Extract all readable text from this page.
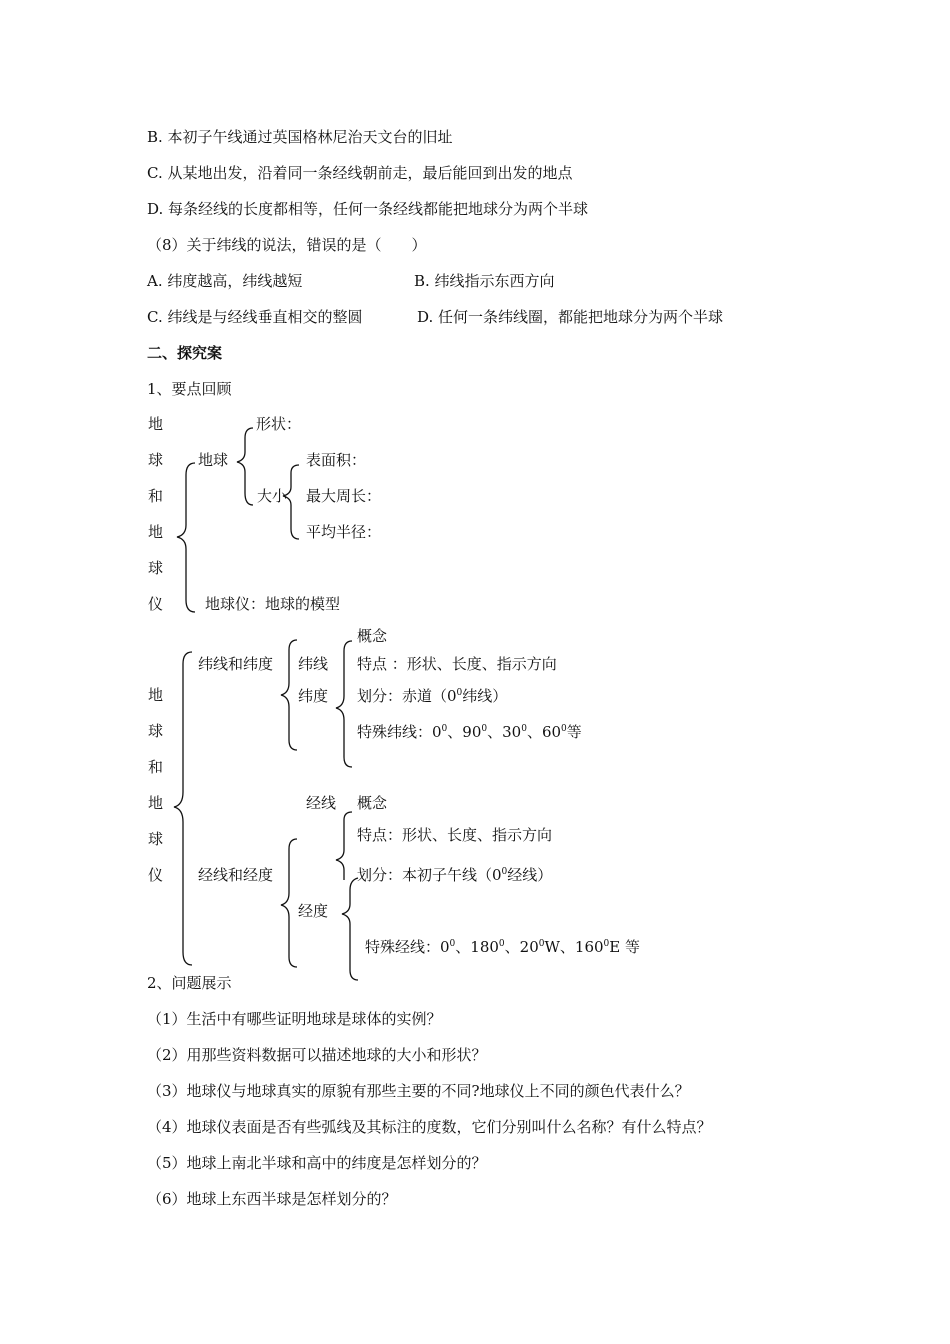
B. 本初子午线通过英国格林尼治天文台的旧址
C. 从某地出发，沿着同一条经线朝前走，最后能回到出发的地点
D. 每条经线的长度都相等，任何一条经线都能把地球分为两个半球
（8）关于纬线的说法，错误的是（　　）
A. 纬度越高，纬线越短	B. 纬线指示东西方向
C. 纬线是与经线垂直相交的整圆	D. 任何一条纬线圈，都能把地球分为两个半球
二、探究案
1、要点回顾
地
球
和
地
球
仪
地球
形状：
大小
表面积：
最大周长：
平均半径：
地球仪：地球的模型
地
球
和
地
球
仪
纬线和纬度 纬线
纬度
概念
特点 ：形状、长度、指示方向
划分：赤道（$0^0$纬线）
特殊纬线：$0^0$、$90^0$、$30^0$、$60^0$等
经线 概念
特点：形状、长度、指示方向
经线和经度	划分：本初子午线（$0^0$经线）
经度
特殊经线：$0^0$、$180^0$、$20^0W$、$160^0E$ 等
2、问题展示
（1）生活中有哪些证明地球是球体的实例？
（2）用那些资料数据可以描述地球的大小和形状？
（3）地球仪与地球真实的原貌有那些主要的不同?地球仪上不同的颜色代表什么？
（4）地球仪表面是否有些弧线及其标注的度数，它们分别叫什么名称？有什么特点？
（5）地球上南北半球和高中的纬度是怎样划分的？
（6）地球上东西半球是怎样划分的？
